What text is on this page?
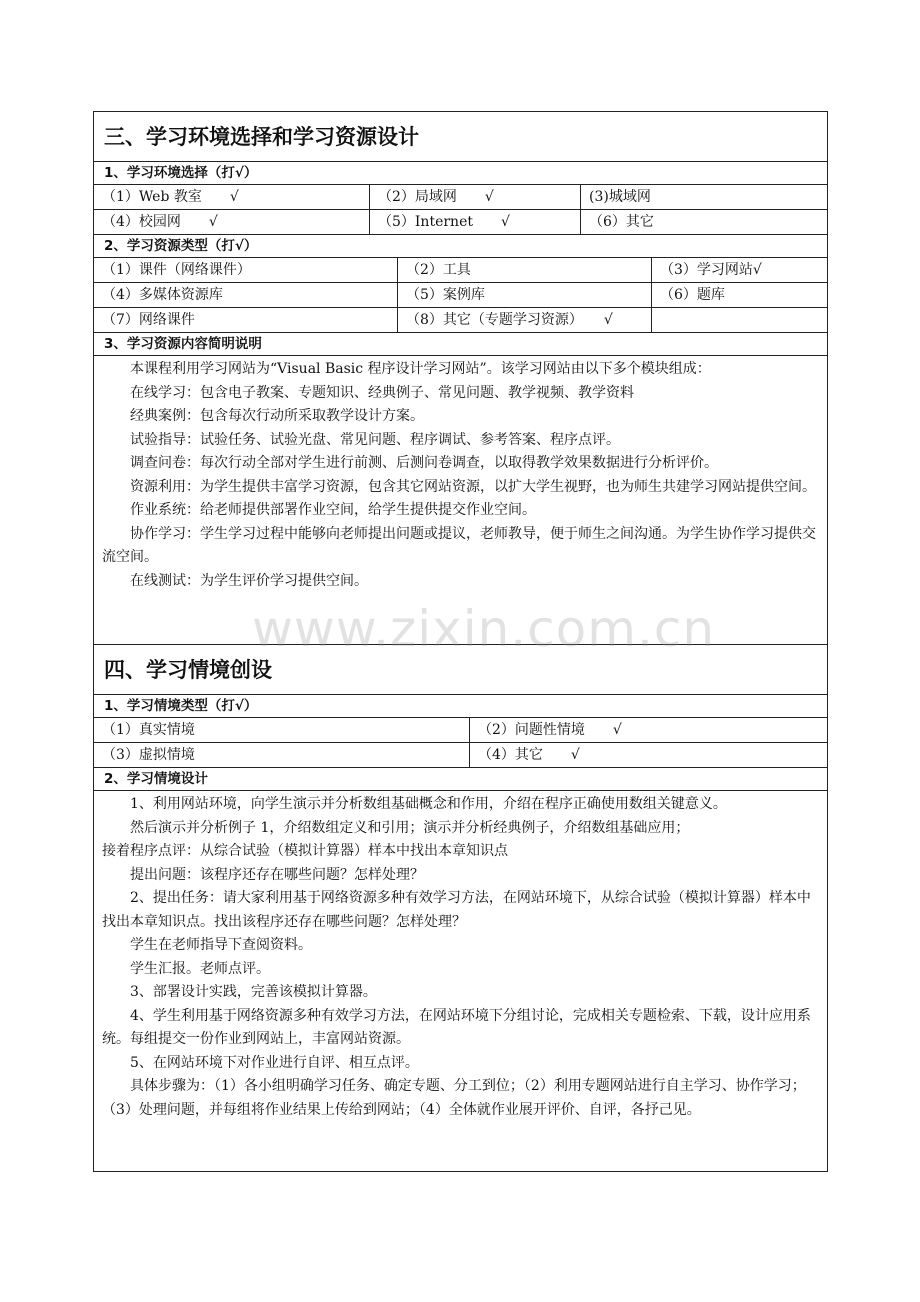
三、学习环境选择和学习资源设计
1、学习环境选择（打√）
（1）Web 教室　　√	（2）局域网　　√	(3)城域网
（4）校园网　　√	（5）Internet　　√	（6）其它
2、学习资源类型（打√）
（1）课件（网络课件）	（2）工具	（3）学习网站√
（4）多媒体资源库	（5）案例库	（6）题库
（7）网络课件	（8）其它（专题学习资源）　　√
3、学习资源内容简明说明

本课程利用学习网站为“Visual Basic 程序设计学习网站”。该学习网站由以下多个模块组成：

在线学习：包含电子教案、专题知识、经典例子、常见问题、教学视频、教学资料

经典案例：包含每次行动所采取教学设计方案。

试验指导：试验任务、试验光盘、常见问题、程序调试、参考答案、程序点评。

调查问卷：每次行动全部对学生进行前测、后测问卷调查，以取得教学效果数据进行分析评价。

资源利用：为学生提供丰富学习资源，包含其它网站资源，以扩大学生视野，也为师生共建学习网站提供空间。

作业系统：给老师提供部署作业空间，给学生提供提交作业空间。

协作学习：学生学习过程中能够向老师提出问题或提议，老师教导，便于师生之间沟通。为学生协作学习提供交流空间。

在线测试：为学生评价学习提供空间。

四、学习情境创设
1、学习情境类型（打√）
（1）真实情境	（2）问题性情境　　√
（3）虚拟情境	（4）其它　　√
2、学习情境设计

1、利用网站环境，向学生演示并分析数组基础概念和作用，介绍在程序正确使用数组关键意义。

然后演示并分析例子 1，介绍数组定义和引用；演示并分析经典例子，介绍数组基础应用；

接着程序点评：从综合试验（模拟计算器）样本中找出本章知识点

提出问题：该程序还存在哪些问题？怎样处理？

2、提出任务：请大家利用基于网络资源多种有效学习方法，在网站环境下，从综合试验（模拟计算器）样本中找出本章知识点。找出该程序还存在哪些问题？怎样处理？

学生在老师指导下查阅资料。

学生汇报。老师点评。

3、部署设计实践，完善该模拟计算器。

4、学生利用基于网络资源多种有效学习方法，在网站环境下分组讨论，完成相关专题检索、下载，设计应用系统。每组提交一份作业到网站上，丰富网站资源。

5、在网站环境下对作业进行自评、相互点评。

具体步骤为：（1）各小组明确学习任务、确定专题、分工到位；（2）利用专题网站进行自主学习、协作学习；（3）处理问题，并每组将作业结果上传给到网站；（4）全体就作业展开评价、自评，各抒己见。

www.zixin.com.cn
